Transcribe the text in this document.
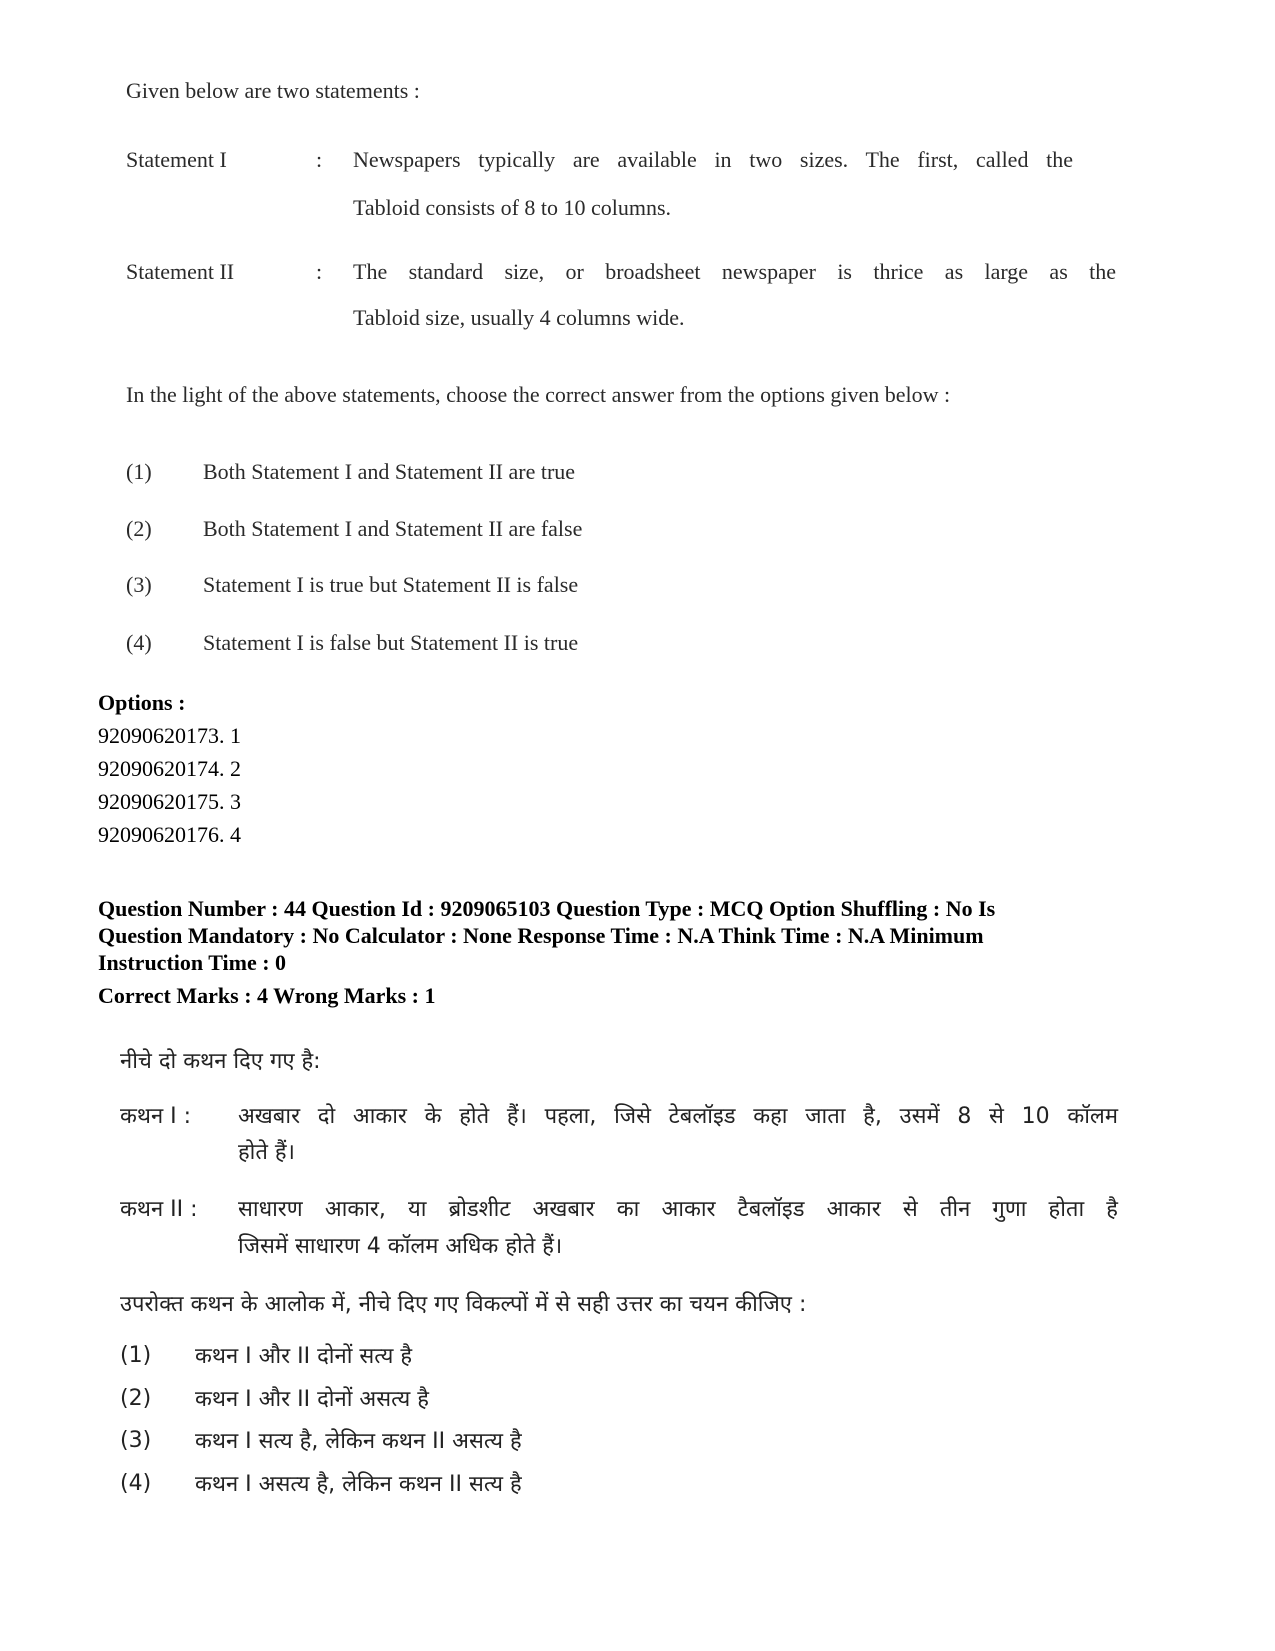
Given below are two statements :
Statement I	: Newspapers typically are available in two sizes. The first, called the
Tabloid consists of 8 to 10 columns.
Statement II	: The standard size, or broadsheet newspaper is thrice as large as the
Tabloid size, usually 4 columns wide.
In the light of the above statements, choose the correct answer from the options given below :
(1) Both Statement I and Statement II are true
(2) Both Statement I and Statement II are false
(3) Statement I is true but Statement II is false
(4) Statement I is false but Statement II is true
Options :
92090620173. 1
92090620174. 2
92090620175. 3
92090620176. 4
Question Number : 44 Question Id : 9209065103 Question Type : MCQ Option Shuffling : No Is
Question Mandatory : No Calculator : None Response Time : N.A Think Time : N.A Minimum
Instruction Time : 0
Correct Marks : 4 Wrong Marks : 1
नीचे दो कथन दिए गए है:
कथन I : अखबार दो आकार के होते हैं। पहला, जिसे टेबलॉइड कहा जाता है, उसमें 8 से 10 कॉलम
होते हैं।
कथन II : साधारण आकार, या ब्रोडशीट अखबार का आकार टैबलॉइड आकार से तीन गुणा होता है
जिसमें साधारण 4 कॉलम अधिक होते हैं।
उपरोक्त कथन के आलोक में, नीचे दिए गए विकल्पों में से सही उत्तर का चयन कीजिए :
(1) कथन I और II दोनों सत्य है
(2) कथन I और II दोनों असत्य है
(3) कथन I सत्य है, लेकिन कथन II असत्य है
(4) कथन I असत्य है, लेकिन कथन II सत्य है
